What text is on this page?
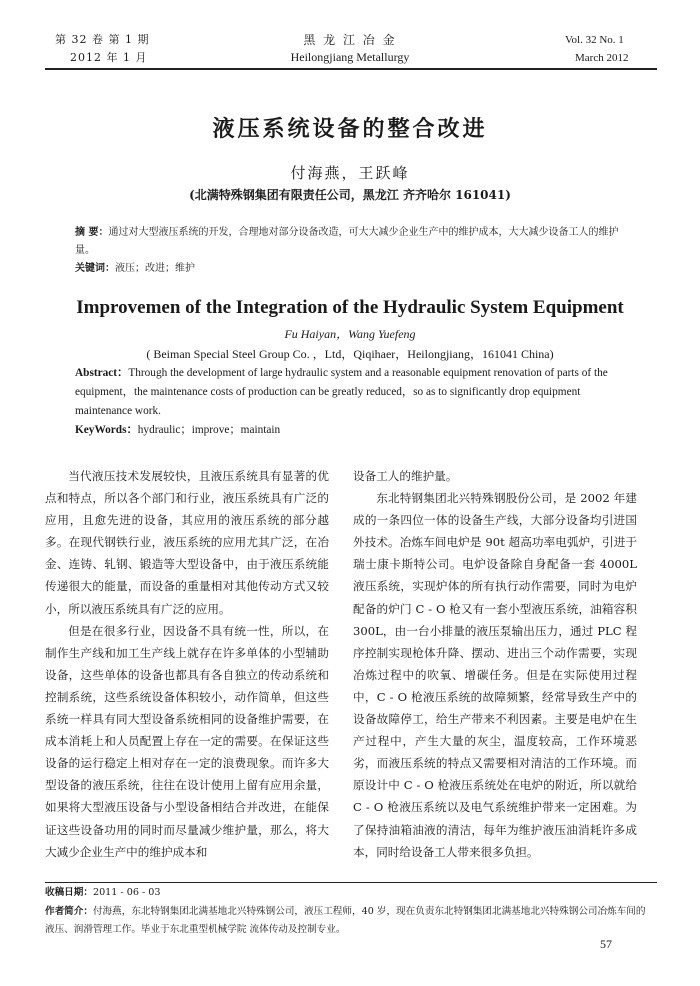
第 32 卷 第 1 期
2012 年 1 月
黑 龙 江 冶 金
Heilongjiang Metallurgy
Vol. 32 No. 1
March 2012
液压系统设备的整合改进
付海燕，王跃峰
(北满特殊钢集团有限责任公司，黑龙江 齐齐哈尔 161041)
摘 要：通过对大型液压系统的开发，合理地对部分设备改造，可大大减少企业生产中的维护成本，大大减少设备工人的维护量。
关键词：液压；改进；维护
Improvemen of the Integration of the Hydraulic System Equipment
Fu Haiyan，Wang Yuefeng
( Beiman Special Steel Group Co. ，Ltd，Qiqihaer，Heilongjiang，161041 China)
Abstract：Through the development of large hydraulic system and a reasonable equipment renovation of parts of the equipment，the maintenance costs of production can be greatly reduced，so as to significantly drop equipment maintenance work.
KeyWords：hydraulic；improve；maintain

当代液压技术发展较快，且液压系统具有显著的优点和特点，所以各个部门和行业，液压系统具有广泛的应用，且愈先进的设备，其应用的液压系统的部分越多。在现代钢铁行业，液压系统的应用尤其广泛，在冶金、连铸、轧钢、锻造等大型设备中，由于液压系统能传递很大的能量，而设备的重量相对其他传动方式又较小，所以液压系统具有广泛的应用。

但是在很多行业，因设备不具有统一性，所以，在制作生产线和加工生产线上就存在许多单体的小型辅助设备，这些单体的设备也都具有各自独立的传动系统和控制系统，这些系统设备体积较小，动作简单，但这些系统一样具有同大型设备系统相同的设备维护需要，在成本消耗上和人员配置上存在一定的需要。在保证这些设备的运行稳定上相对存在一定的浪费现象。而许多大型设备的液压系统，往往在设计使用上留有应用余量，如果将大型液压设备与小型设备相结合并改进，在能保证这些设备功用的同时而尽量减少维护量，那么，将大大减少企业生产中的维护成本和

设备工人的维护量。

东北特钢集团北兴特殊钢股份公司，是 2002 年建成的一条四位一体的设备生产线，大部分设备均引进国外技术。冶炼车间电炉是 90t 超高功率电弧炉，引进于瑞士康卡斯特公司。电炉设备除自身配备一套 4000L 液压系统，实现炉体的所有执行动作需要，同时为电炉配备的炉门 C - O 枪又有一套小型液压系统，油箱容积 300L，由一台小排量的液压泵输出压力，通过 PLC 程序控制实现枪体升降、摆动、进出三个动作需要，实现冶炼过程中的吹氧、增碳任务。但是在实际使用过程中，C - O 枪液压系统的故障频繁，经常导致生产中的设备故障停工，给生产带来不利因素。主要是电炉在生产过程中，产生大量的灰尘，温度较高，工作环境恶劣，而液压系统的特点又需要相对清洁的工作环境。而原设计中 C - O 枪液压系统处在电炉的附近，所以就给 C - O 枪液压系统以及电气系统维护带来一定困难。为了保持油箱油液的清洁，每年为维护液压油消耗许多成本，同时给设备工人带来很多负担。

收稿日期：2011 - 06 - 03
作者简介：付海燕，东北特钢集团北满基地北兴特殊钢公司，液压工程师，40 岁，现在负责东北特钢集团北满基地北兴特殊钢公司冶炼车间的液压、润滑管理工作。毕业于东北重型机械学院 流体传动及控制专业。
57
